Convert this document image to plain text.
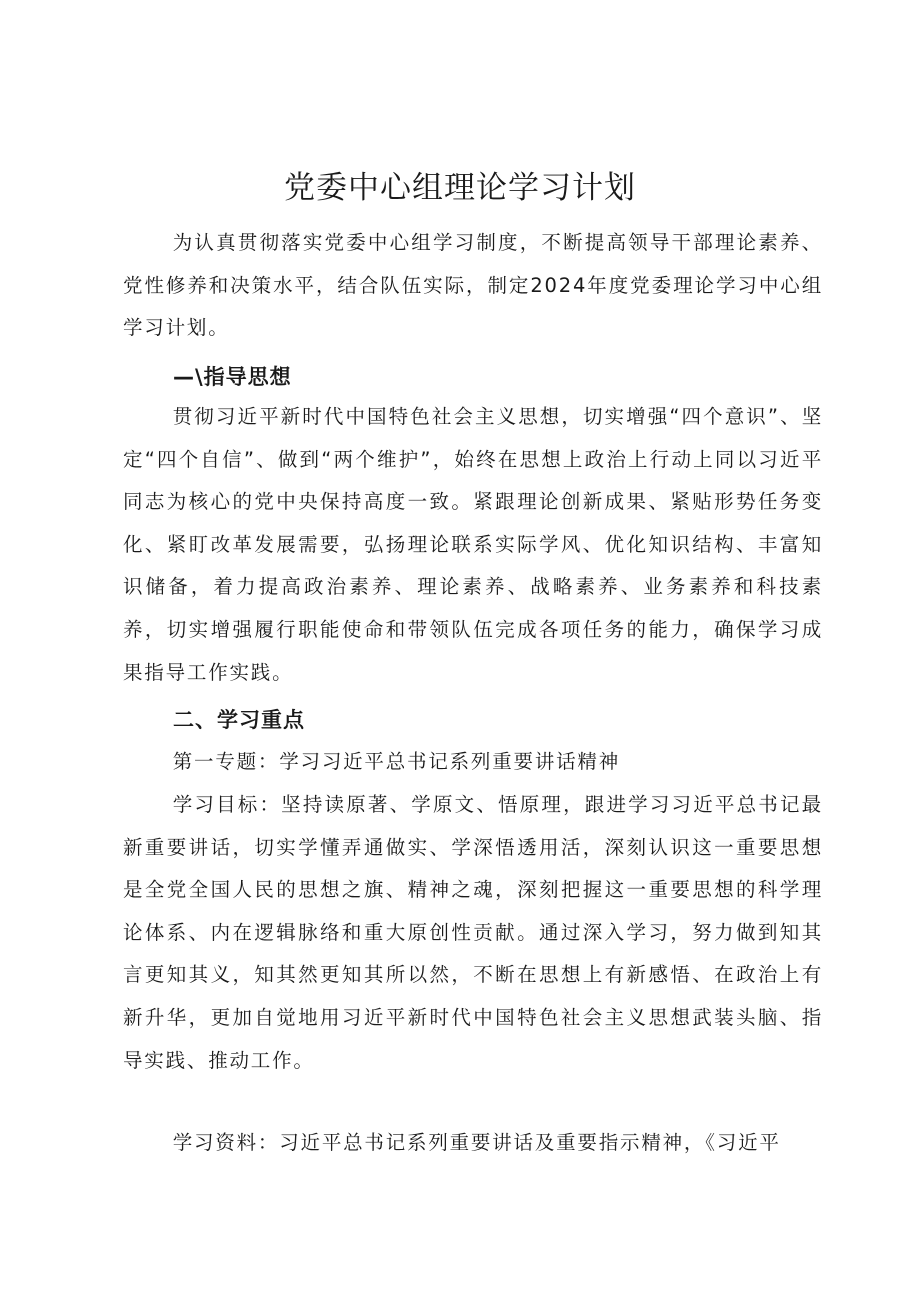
党委中心组理论学习计划

为认真贯彻落实党委中心组学习制度，不断提高领导干部理论素养、党性修养和决策水平，结合队伍实际，制定2024年度党委理论学习中心组学习计划。

—\指导思想

贯彻习近平新时代中国特色社会主义思想，切实增强“四个意识”、坚定“四个自信”、做到“两个维护”，始终在思想上政治上行动上同以习近平同志为核心的党中央保持高度一致。紧跟理论创新成果、紧贴形势任务变化、紧盯改革发展需要，弘扬理论联系实际学风、优化知识结构、丰富知识储备，着力提高政治素养、理论素养、战略素养、业务素养和科技素养，切实增强履行职能使命和带领队伍完成各项任务的能力，确保学习成果指导工作实践。

二、学习重点

第一专题：学习习近平总书记系列重要讲话精神

学习目标：坚持读原著、学原文、悟原理，跟进学习习近平总书记最新重要讲话，切实学懂弄通做实、学深悟透用活，深刻认识这一重要思想是全党全国人民的思想之旗、精神之魂，深刻把握这一重要思想的科学理论体系、内在逻辑脉络和重大原创性贡献。通过深入学习，努力做到知其言更知其义，知其然更知其所以然，不断在思想上有新感悟、在政治上有新升华，更加自觉地用习近平新时代中国特色社会主义思想武装头脑、指导实践、推动工作。

学习资料：习近平总书记系列重要讲话及重要指示精神，《习近平
